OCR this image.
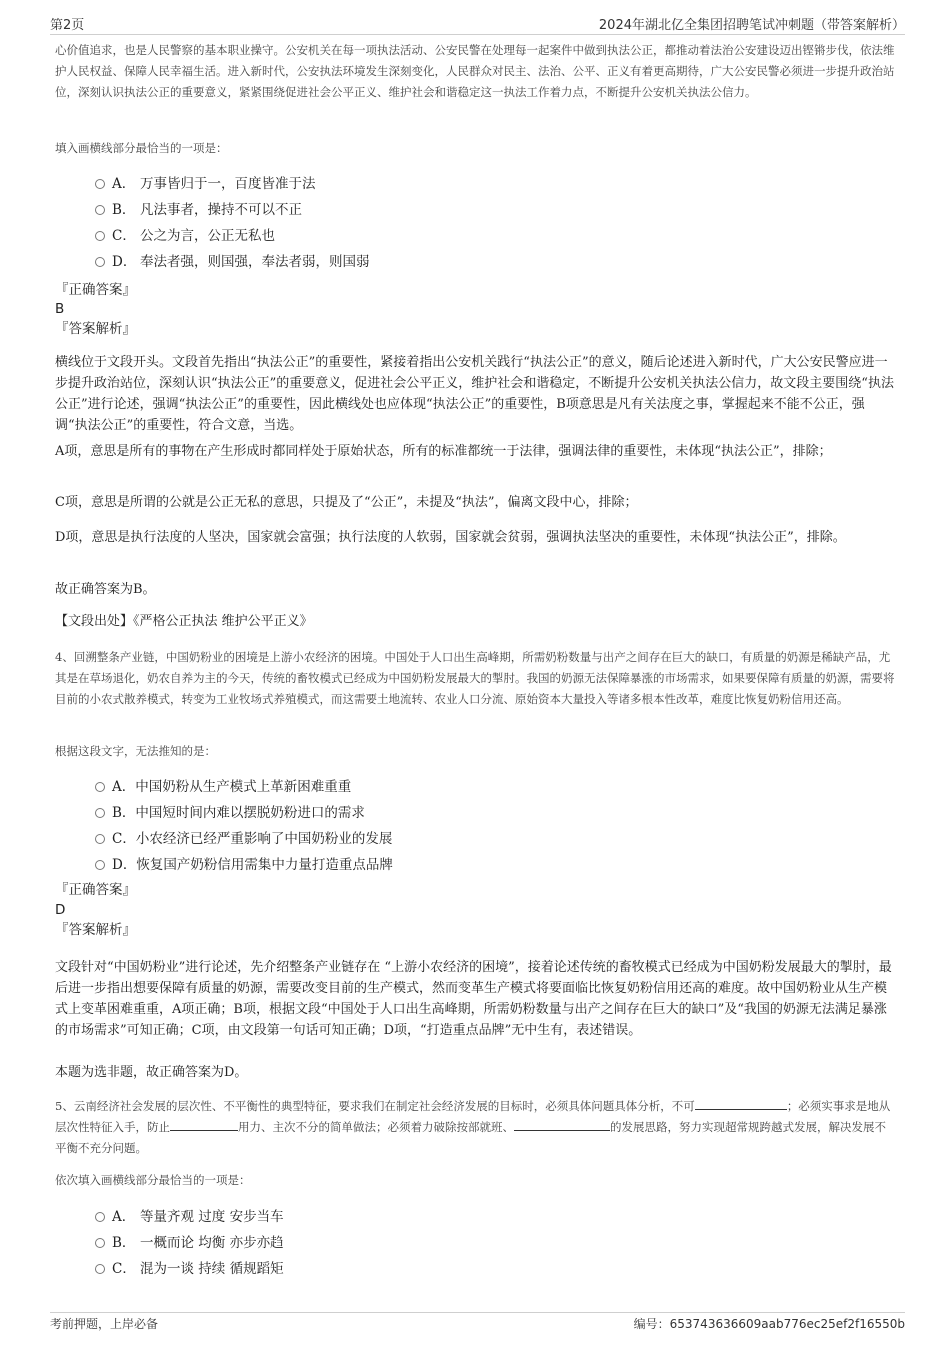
第2页	2024年湖北亿全集团招聘笔试冲刺题（带答案解析）

心价值追求，也是人民警察的基本职业操守。公安机关在每一项执法活动、公安民警在处理每一起案件中做到执法公正，都推动着法治公安建设迈出铿锵步伐，依法维护人民权益、保障人民幸福生活。进入新时代，公安执法环境发生深刻变化，人民群众对民主、法治、公平、正义有着更高期待，广大公安民警必须进一步提升政治站位，深刻认识执法公正的重要意义，紧紧围绕促进社会公平正义、维护社会和谐稳定这一执法工作着力点，不断提升公安机关执法公信力。

填入画横线部分最恰当的一项是：

A． 万事皆归于一，百度皆准于法
B． 凡法事者，操持不可以不正
C． 公之为言，公正无私也
D． 奉法者强，则国强，奉法者弱，则国弱
『正确答案』
B
『答案解析』

横线位于文段开头。文段首先指出“执法公正”的重要性，紧接着指出公安机关践行“执法公正”的意义，随后论述进入新时代，广大公安民警应进一步提升政治站位，深刻认识“执法公正”的重要意义，促进社会公平正义，维护社会和谐稳定，不断提升公安机关执法公信力，故文段主要围绕“执法公正”进行论述，强调“执法公正”的重要性，因此横线处也应体现“执法公正”的重要性，B项意思是凡有关法度之事，掌握起来不能不公正，强调“执法公正”的重要性，符合文意，当选。

A项，意思是所有的事物在产生形成时都同样处于原始状态，所有的标准都统一于法律，强调法律的重要性，未体现“执法公正”，排除；

C项，意思是所谓的公就是公正无私的意思，只提及了“公正”，未提及“执法”，偏离文段中心，排除；

D项，意思是执行法度的人坚决，国家就会富强；执行法度的人软弱，国家就会贫弱，强调执法坚决的重要性，未体现“执法公正”，排除。

故正确答案为B。

【文段出处】《严格公正执法 维护公平正义》

4、回溯整条产业链，中国奶粉业的困境是上游小农经济的困境。中国处于人口出生高峰期，所需奶粉数量与出产之间存在巨大的缺口，有质量的奶源是稀缺产品，尤其是在草场退化，奶农自养为主的今天，传统的畜牧模式已经成为中国奶粉发展最大的掣肘。我国的奶源无法保障暴涨的市场需求，如果要保障有质量的奶源，需要将目前的小农式散养模式，转变为工业牧场式养殖模式，而这需要土地流转、农业人口分流、原始资本大量投入等诸多根本性改革，难度比恢复奶粉信用还高。

根据这段文字，无法推知的是：

A．中国奶粉从生产模式上革新困难重重
B．中国短时间内难以摆脱奶粉进口的需求
C．小农经济已经严重影响了中国奶粉业的发展
D．恢复国产奶粉信用需集中力量打造重点品牌
『正确答案』
D
『答案解析』

文段针对“中国奶粉业”进行论述，先介绍整条产业链存在 “上游小农经济的困境”，接着论述传统的畜牧模式已经成为中国奶粉发展最大的掣肘，最后进一步指出想要保障有质量的奶源，需要改变目前的生产模式，然而变革生产模式将要面临比恢复奶粉信用还高的难度。故中国奶粉业从生产模式上变革困难重重，A项正确；B项，根据文段“中国处于人口出生高峰期，所需奶粉数量与出产之间存在巨大的缺口”及“我国的奶源无法满足暴涨的市场需求”可知正确；C项，由文段第一句话可知正确；D项，“打造重点品牌”无中生有，表述错误。

本题为选非题，故正确答案为D。

5、云南经济社会发展的层次性、不平衡性的典型特征，要求我们在制定社会经济发展的目标时，必须具体问题具体分析，不可	；必须实事求是地从层次性特征入手，防止	用力、主次不分的简单做法；必须着力破除按部就班、	的发展思路，努力实现超常规跨越式发展，解决发展不平衡不充分问题。

依次填入画横线部分最恰当的一项是：

A． 等量齐观 过度 安步当车
B． 一概而论 均衡 亦步亦趋
C． 混为一谈 持续 循规蹈矩
考前押题，上岸必备	编号：653743636609aab776ec25ef2f16550b
